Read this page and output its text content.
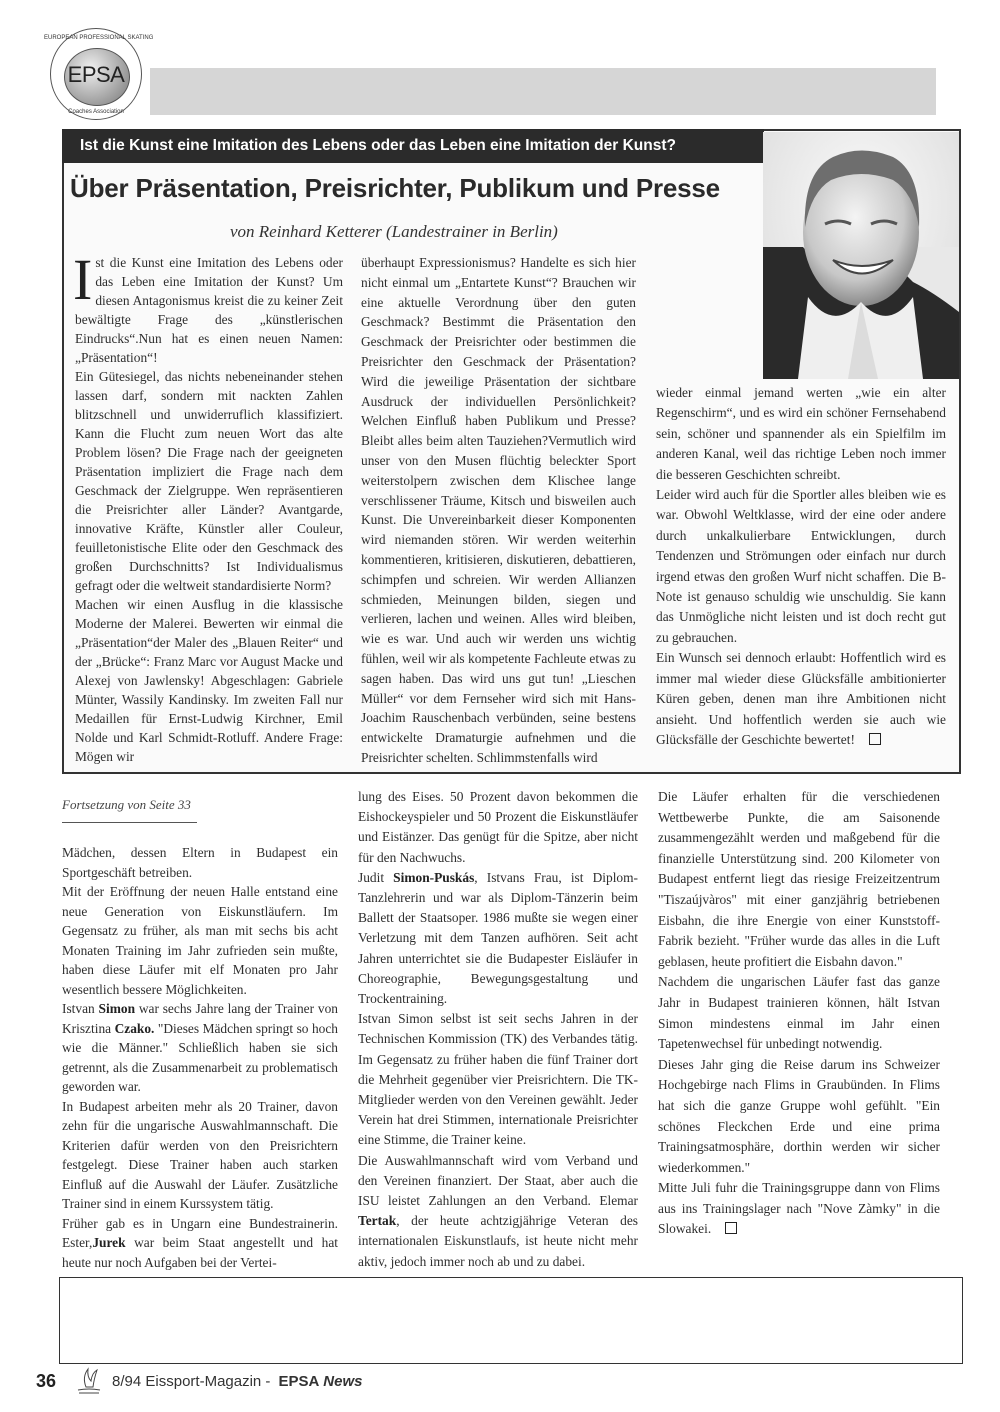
EPSA
EUROPEAN PROFESSIONAL SKATING
Coaches Association
Ist die Kunst eine Imitation des Lebens oder das Leben eine Imitation der Kunst?
Über Präsentation, Preisrichter, Publikum und Presse
von Reinhard Ketterer (Landestrainer in Berlin)

Ist die Kunst eine Imitation des Lebens oder das Leben eine Imitation der Kunst? Um diesen Antagonismus kreist die zu keiner Zeit bewältigte Frage des „künstlerischen Eindrucks“.Nun hat es einen neuen Namen: „Präsentation“!

Ein Gütesiegel, das nichts nebeneinander stehen lassen darf, sondern mit nackten Zahlen blitzschnell und unwiderruflich klassifiziert. Kann die Flucht zum neuen Wort das alte Problem lösen? Die Frage nach der geeigneten Präsentation impliziert die Frage nach dem Geschmack der Zielgruppe. Wen repräsentieren die Preisrichter aller Länder? Avantgarde, innovative Kräfte, Künstler aller Couleur, feuilletonistische Elite oder den Geschmack des großen Durchschnitts? Ist Individualismus gefragt oder die weltweit standardisierte Norm?

Machen wir einen Ausflug in die klassische Moderne der Malerei. Bewerten wir einmal die „Präsentation“der Maler des „Blauen Reiter“ und der „Brücke“: Franz Marc vor August Macke und Alexej von Jawlensky! Abgeschlagen: Gabriele Münter, Wassily Kandinsky. Im zweiten Fall nur Medaillen für Ernst-Ludwig Kirchner, Emil Nolde und Karl Schmidt-Rotluff. Andere Frage: Mögen wir

überhaupt Expressionismus? Handelte es sich hier nicht einmal um „Entartete Kunst“? Brauchen wir eine aktuelle Verordnung über den guten Geschmack? Bestimmt die Präsentation den Geschmack der Preisrichter oder bestimmen die Preisrichter den Geschmack der Präsentation? Wird die jeweilige Präsentation der sichtbare Ausdruck der individuellen Persönlichkeit? Welchen Einfluß haben Publikum und Presse? Bleibt alles beim alten Tauziehen?Vermutlich wird unser von den Musen flüchtig beleckter Sport weiterstolpern zwischen dem Klischee lange verschlissener Träume, Kitsch und bisweilen auch Kunst. Die Unvereinbarkeit dieser Komponenten wird niemanden stören. Wir werden weiterhin kommentieren, kritisieren, diskutieren, debattieren, schimpfen und schreien. Wir werden Allianzen schmieden, Meinungen bilden, siegen und verlieren, lachen und weinen. Alles wird bleiben, wie es war. Und auch wir werden uns wichtig fühlen, weil wir als kompetente Fachleute etwas zu sagen haben. Das wird uns gut tun! „Lieschen Müller“ vor dem Fernseher wird sich mit Hans-Joachim Rauschenbach verbünden, seine bestens entwickelte Dramaturgie aufnehmen und die Preisrichter schelten. Schlimmstenfalls wird

wieder einmal jemand werten „wie ein alter Regenschirm“, und es wird ein schöner Fernsehabend sein, schöner und spannender als ein Spielfilm im anderen Kanal, weil das richtige Leben noch immer die besseren Geschichten schreibt.

Leider wird auch für die Sportler alles bleiben wie es war. Obwohl Weltklasse, wird der eine oder andere durch unkalkulierbare Entwicklungen, durch Tendenzen und Strömungen oder einfach nur durch irgend etwas den großen Wurf nicht schaffen. Die B-Note ist genauso schuldig wie unschuldig. Sie kann das Unmögliche nicht leisten und ist doch recht gut zu gebrauchen.

Ein Wunsch sei dennoch erlaubt: Hoffentlich wird es immer mal wieder diese Glücksfälle ambitionierter Küren geben, denen man ihre Ambitionen nicht ansieht. Und hoffentlich werden sie auch wie Glücksfälle der Geschichte bewertet!

Fortsetzung von Seite 33

Mädchen, dessen Eltern in Budapest ein Sportgeschäft betreiben.

Mit der Eröffnung der neuen Halle entstand eine neue Generation von Eiskunstläufern. Im Gegensatz zu früher, als man mit sechs bis acht Monaten Training im Jahr zufrieden sein mußte, haben diese Läufer mit elf Monaten pro Jahr wesentlich bessere Möglichkeiten.

Istvan Simon war sechs Jahre lang der Trainer von Krisztina Czako. "Dieses Mädchen springt so hoch wie die Männer." Schließlich haben sie sich getrennt, als die Zusammenarbeit zu problematisch geworden war.

In Budapest arbeiten mehr als 20 Trainer, davon zehn für die ungarische Auswahlmannschaft. Die Kriterien dafür werden von den Preisrichtern festgelegt. Diese Trainer haben auch starken Einfluß auf die Auswahl der Läufer. Zusätzliche Trainer sind in einem Kurssystem tätig.

Früher gab es in Ungarn eine Bundestrainerin. Ester,Jurek war beim Staat angestellt und hat heute nur noch Aufgaben bei der Vertei-

lung des Eises. 50 Prozent davon bekommen die Eishockeyspieler und 50 Prozent die Eiskunstläufer und Eistänzer. Das genügt für die Spitze, aber nicht für den Nachwuchs.

Judit Simon-Puskás, Istvans Frau, ist Diplom-Tanzlehrerin und war als Diplom-Tänzerin beim Ballett der Staatsoper. 1986 mußte sie wegen einer Verletzung mit dem Tanzen aufhören. Seit acht Jahren unterrichtet sie die Budapester Eisläufer in Choreographie, Bewegungsgestaltung und Trockentraining.

Istvan Simon selbst ist seit sechs Jahren in der Technischen Kommission (TK) des Verbandes tätig. Im Gegensatz zu früher haben die fünf Trainer dort die Mehrheit gegenüber vier Preisrichtern. Die TK-Mitglieder werden von den Vereinen gewählt. Jeder Verein hat drei Stimmen, internationale Preisrichter eine Stimme, die Trainer keine.

Die Auswahlmannschaft wird vom Verband und den Vereinen finanziert. Der Staat, aber auch die ISU leistet Zahlungen an den Verband. Elemar Tertak, der heute achtzigjährige Veteran des internationalen Eiskunstlaufs, ist heute nicht mehr aktiv, jedoch immer noch ab und zu dabei.

Die Läufer erhalten für die verschiedenen Wettbewerbe Punkte, die am Saisonende zusammengezählt werden und maßgebend für die finanzielle Unterstützung sind. 200 Kilometer von Budapest entfernt liegt das riesige Freizeitzentrum "Tiszaújvàros" mit einer ganzjährig betriebenen Eisbahn, die ihre Energie von einer Kunststoff-Fabrik bezieht. "Früher wurde das alles in die Luft geblasen, heute profitiert die Eisbahn davon."

Nachdem die ungarischen Läufer fast das ganze Jahr in Budapest trainieren können, hält Istvan Simon mindestens einmal im Jahr einen Tapetenwechsel für unbedingt notwendig.

Dieses Jahr ging die Reise darum ins Schweizer Hochgebirge nach Flims in Graubünden. In Flims hat sich die ganze Gruppe wohl gefühlt. "Ein schönes Fleckchen Erde und eine prima Trainingsatmosphäre, dorthin werden wir sicher wiederkommen."

Mitte Juli fuhr die Trainingsgruppe dann von Flims aus ins Trainingslager nach "Nove Zàmky" in die Slowakei.

36	8/94 Eissport-Magazin - EPSA News
